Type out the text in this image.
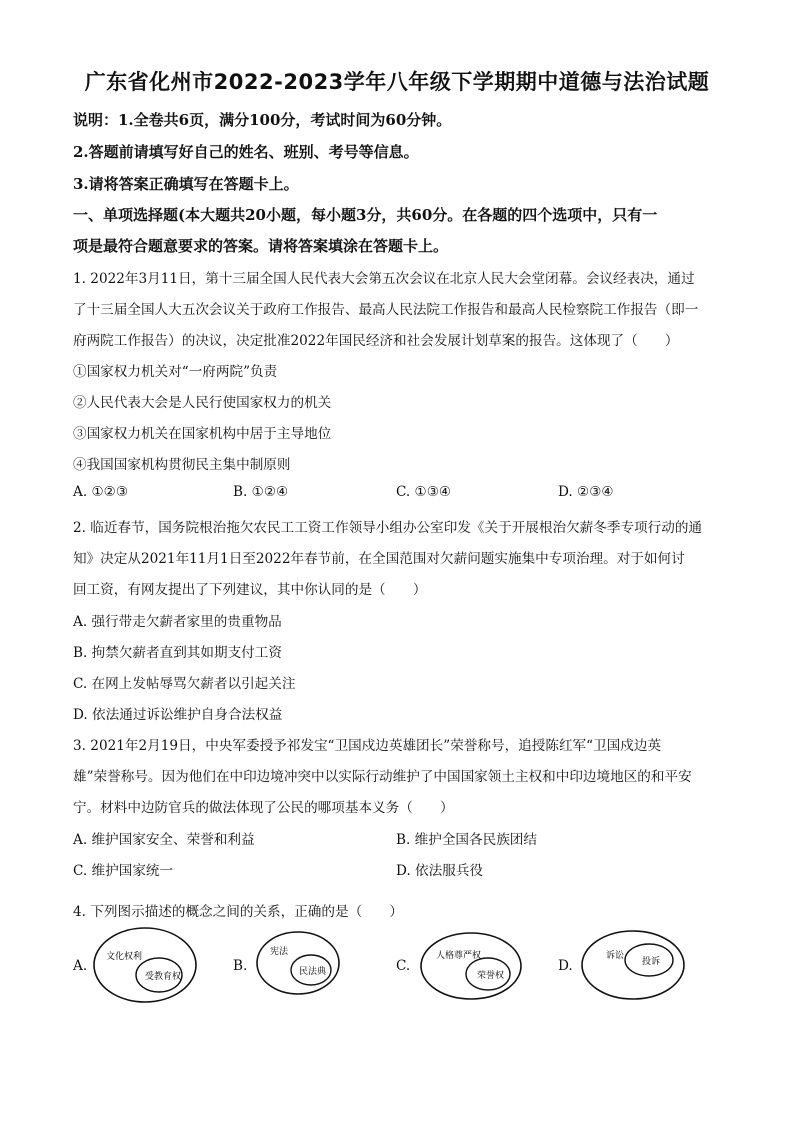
广东省化州市2022-2023学年八年级下学期期中道德与法治试题
说明：1.全卷共6页，满分100分，考试时间为60分钟。
2.答题前请填写好自己的姓名、班别、考号等信息。
3.请将答案正确填写在答题卡上。
一、单项选择题(本大题共20小题，每小题3分，共60分。在各题的四个选项中，只有一
项是最符合题意要求的答案。请将答案填涂在答题卡上。
1. 2022年3月11日，第十三届全国人民代表大会第五次会议在北京人民大会堂闭幕。会议经表决，通过
了十三届全国人大五次会议关于政府工作报告、最高人民法院工作报告和最高人民检察院工作报告（即一
府两院工作报告）的决议，决定批准2022年国民经济和社会发展计划草案的报告。这体现了（　　）
①国家权力机关对“一府两院”负责
②人民代表大会是人民行使国家权力的机关
③国家权力机关在国家机构中居于主导地位
④我国国家机构贯彻民主集中制原则
A. ①②③	B. ①②④	C. ①③④	D. ②③④
2. 临近春节，国务院根治拖欠农民工工资工作领导小组办公室印发《关于开展根治欠薪冬季专项行动的通
知》决定从2021年11月1日至2022年春节前，在全国范围对欠薪问题实施集中专项治理。对于如何讨
回工资，有网友提出了下列建议，其中你认同的是（　　）
A. 强行带走欠薪者家里的贵重物品
B. 拘禁欠薪者直到其如期支付工资
C. 在网上发帖辱骂欠薪者以引起关注
D. 依法通过诉讼维护自身合法权益
3. 2021年2月19日，中央军委授予祁发宝“卫国戍边英雄团长”荣誉称号，追授陈红军“卫国戍边英
雄”荣誉称号。因为他们在中印边境冲突中以实际行动维护了中国国家领土主权和中印边境地区的和平安
宁。材料中边防官兵的做法体现了公民的哪项基本义务（　　）
A. 维护国家安全、荣誉和利益	B. 维护全国各民族团结
C. 维护国家统一	D. 依法服兵役
4. 下列图示描述的概念之间的关系，正确的是（　　）
A.	B.	C.	D.
文化权利
受教育权
宪法
民法典
人格尊严权
荣誉权
诉讼
投诉
